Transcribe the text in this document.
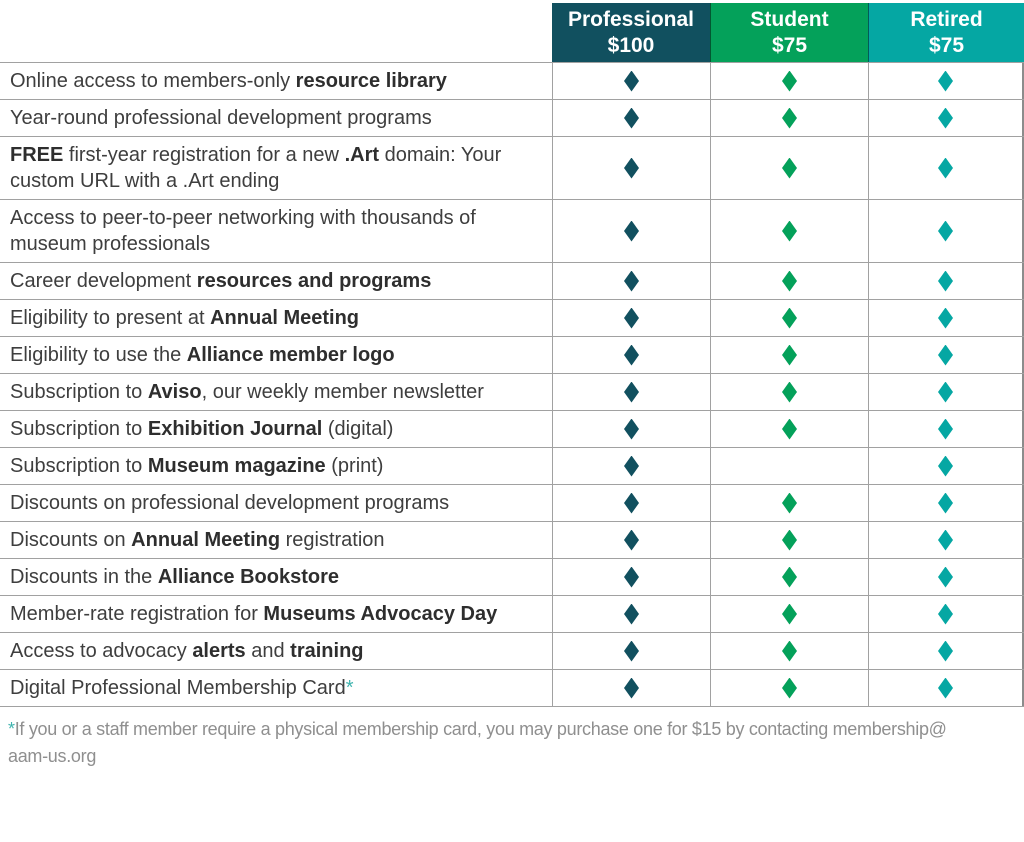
Professional
$100
Student
$75
Retired
$75
Online access to members-only resource library
Year-round professional development programs
FREE first-year registration for a new .Art domain: Your custom URL with a .Art ending
Access to peer-to-peer networking with thousands of museum professionals
Career development resources and programs
Eligibility to present at Annual Meeting
Eligibility to use the Alliance member logo
Subscription to Aviso, our weekly member newsletter
Subscription to Exhibition Journal (digital)
Subscription to Museum magazine (print)
Discounts on professional development programs
Discounts on Annual Meeting registration
Discounts in the Alliance Bookstore
Member-rate registration for Museums Advocacy Day
Access to advocacy alerts and training
Digital Professional Membership Card*
*If you or a staff member require a physical membership card, you may purchase one for $15 by contacting membership@
aam-us.org
